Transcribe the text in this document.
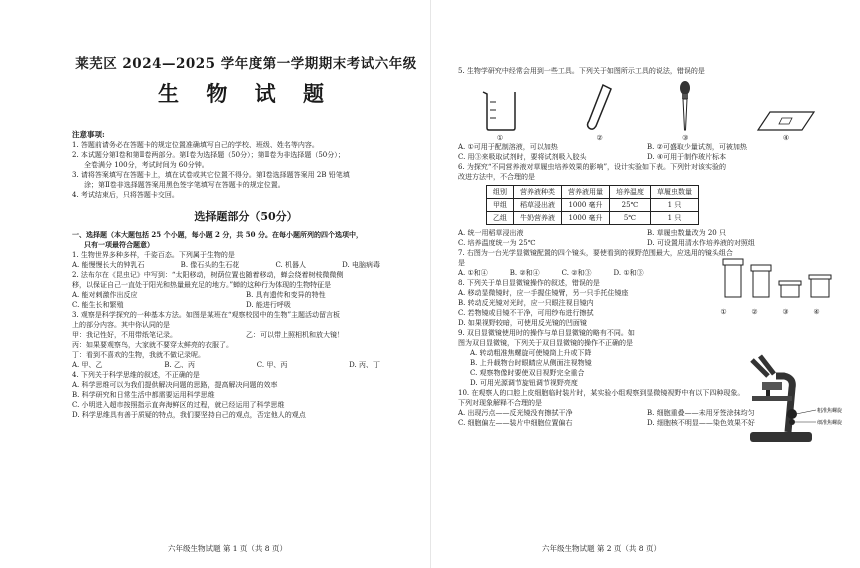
莱芜区 2024—2025 学年度第一学期期末考试六年级

生 物 试 题

注意事项:
1. 答题前请务必在答题卡的规定位置准确填写自己的学校、班级、姓名等内容。
2. 本试题分第Ⅰ卷和第Ⅱ卷两部分。第Ⅰ卷为选择题（50分）；第Ⅱ卷为非选择题（50分）；
全卷满分 100分，考试时间为 60分钟。
3. 请将答案填写在答题卡上，填在试卷或其它位置不得分。第Ⅰ卷选择题答案用 2B 铅笔填
涂；第Ⅱ卷非选择题答案用黑色签字笔填写在答题卡的规定位置。
4. 考试结束后，只将答题卡交回。
选择题部分（50分）
一、选择题（本大题包括 25 个小题，每小题 2 分，共 50 分。在每小题所列的四个选项中，
只有一项最符合题意）
1. 生物世界多种多样，千姿百态。下列属于生物的是
A. 能慢慢长大的钟乳石	B. 像石头的生石花	C. 机器人	D. 电脑病毒
2. 法布尔在《昆虫记》中写到：“太阳移动，树荫位置也随着移动，蝉会绕着树枝微微侧
移，以保证自己一直处于阳光和热量最充足的地方。”蝉的这种行为体现的生物特征是
A. 能对刺激作出反应	B. 具有遗传和变异的特性
C. 能生长和繁殖	D. 能进行呼吸
3. 观察是科学探究的一种基本方法。如图是某班在“观察校园中的生物”主题活动留言板
上的部分内容。其中你认同的是
甲：我记性好，不用带纸笔记录。	乙：可以带上照相机和放大镜！
丙：如果要观察鸟，大家就不要穿太鲜亮的衣服了。
丁：看到不喜欢的生物，我就不做记录呢。
A. 甲、乙	B. 乙、丙	C. 甲、丙	D. 丙、丁
4. 下列关于科学思维的叙述，不正确的是
A. 科学思维可以为我们提供解决问题的思路，提高解决问题的效率
B. 科学研究和日常生活中都需要运用科学思维
C. 小明进入超市按照指示直奔海鲜区的过程，就已经运用了科学思维
D. 科学思维具有善于质疑的特点，我们要坚持自己的观点，否定他人的观点
六年级生物试题 第 1 页（共 8 页）
5. 生物学研究中经常会用到一些工具。下列关于如图所示工具的说法，错误的是
①	②	③	④
A. ①可用于配制溶液，可以加热	B. ②可盛取少量试剂，可被加热
C. 用③来吸取试剂时，要将试剂吸入胶头	D. ④可用于制作玻片标本
6. 为探究“不同营养液对草履虫培养效果的影响”，设计实验如下表。下列针对该实验的
改进方法中，不合理的是
组别	营养液种类	营养液用量	培养温度	草履虫数量
甲组	稻草浸出液	1000 毫升	25℃	1 只
乙组	牛奶营养液	1000 毫升	5℃	1 只
A. 统一用稻草浸出液	B. 草履虫数量改为 20 只
C. 培养温度统一为 25℃	D. 可设置用清水作培养液的对照组
7. 右图为一台光学显微镜配置的四个镜头，要使看到的视野范围最大，应选用的镜头组合
是
A. ①和④	B. ②和④	C. ②和③	D. ①和③
①	②	③	④
8. 下列关于单目显微镜操作的叙述，错误的是
A. 移动显微镜时，应一手握住镜臂，另一只手托住镜座
B. 转动反光镜对光时，应一只眼注视目镜内
C. 若物镜或目镜不干净，可用纱布进行擦拭
D. 如果视野较暗，可使用反光镜的凹面镜
9. 双目显微镜使用时的操作与单目显微镜的略有不同。如
图为双目显微镜，下列关于双目显微镜的操作不正确的是
A. 转动粗准焦螺旋可使镜筒上升或下降
B. 上升载物台时眼睛应从侧面注视物镜
C. 观察物像时要使双目视野完全重合
D. 可用光源调节旋钮调节视野亮度
10. 在观察人的口腔上皮细胞临时装片时，某实验小组观察到显微镜视野中有以下四种现象。
下列对现象解释不合理的是
A. 出现污点——反光镜没有擦拭干净	B. 细胞重叠——未用牙签涂抹均匀
C. 细胞偏左——装片中细胞位置偏右	D. 细胞核不明显——染色效果不好
六年级生物试题 第 2 页（共 8 页）
粗准焦螺旋
细准焦螺旋
